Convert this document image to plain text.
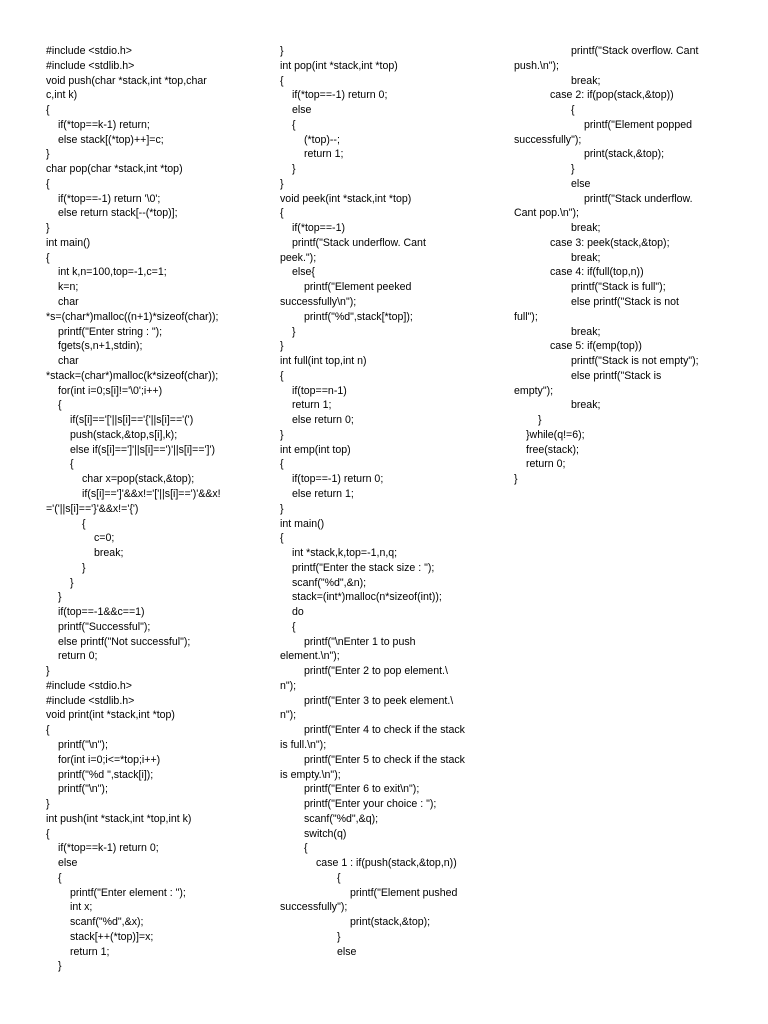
#include <stdio.h>
#include <stdlib.h>
void push(char *stack,int *top,char
c,int k)
{
if(*top==k-1) return;
else stack[(*top)++]=c;
}
char pop(char *stack,int *top)
{
if(*top==-1) return '\0';
else return stack[--(*top)];
}
int main()
{
int k,n=100,top=-1,c=1;
k=n;
char
*s=(char*)malloc((n+1)*sizeof(char));
printf("Enter string : ");
fgets(s,n+1,stdin);
char
*stack=(char*)malloc(k*sizeof(char));
for(int i=0;s[i]!='\0';i++)
{
if(s[i]=='['||s[i]=='{'||s[i]=='(')
push(stack,&top,s[i],k);
else if(s[i]==']'||s[i]==')'||s[i]==']')
{
char x=pop(stack,&top);
if(s[i]==']'&&x!='['||s[i]==')'&&x!
='('||s[i]=='}'&&x!='{')
{
c=0;
break;
}
}
}
if(top==-1&&c==1)
printf("Successful");
else printf("Not successful");
return 0;
}
#include <stdio.h>
#include <stdlib.h>
void print(int *stack,int *top)
{
printf("\n");
for(int i=0;i<=*top;i++)
printf("%d ",stack[i]);
printf("\n");
}
int push(int *stack,int *top,int k)
{
if(*top==k-1) return 0;
else
{
printf("Enter element : ");
int x;
scanf("%d",&x);
stack[++(*top)]=x;
return 1;
}
}
int pop(int *stack,int *top)
{
if(*top==-1) return 0;
else
{
(*top)--;
return 1;
}
}
void peek(int *stack,int *top)
{
if(*top==-1)
printf("Stack underflow. Cant
peek.");
else{
printf("Element peeked
successfully\n");
printf("%d",stack[*top]);
}
}
int full(int top,int n)
{
if(top==n-1)
return 1;
else return 0;
}
int emp(int top)
{
if(top==-1) return 0;
else return 1;
}
int main()
{
int *stack,k,top=-1,n,q;
printf("Enter the stack size : ");
scanf("%d",&n);
stack=(int*)malloc(n*sizeof(int));
do
{
printf("\nEnter 1 to push
element.\n");
printf("Enter 2 to pop element.\
n");
printf("Enter 3 to peek element.\
n");
printf("Enter 4 to check if the stack
is full.\n");
printf("Enter 5 to check if the stack
is empty.\n");
printf("Enter 6 to exit\n");
printf("Enter your choice : ");
scanf("%d",&q);
switch(q)
{
case 1 : if(push(stack,&top,n))
{
printf("Element pushed
successfully");
print(stack,&top);
}
else
printf("Stack overflow. Cant
push.\n");
break;
case 2: if(pop(stack,&top))
{
printf("Element popped
successfully");
print(stack,&top);
}
else
printf("Stack underflow.
Cant pop.\n");
break;
case 3: peek(stack,&top);
break;
case 4: if(full(top,n))
printf("Stack is full");
else printf("Stack is not
full");
break;
case 5: if(emp(top))
printf("Stack is not empty");
else printf("Stack is
empty");
break;
}
}while(q!=6);
free(stack);
return 0;
}
